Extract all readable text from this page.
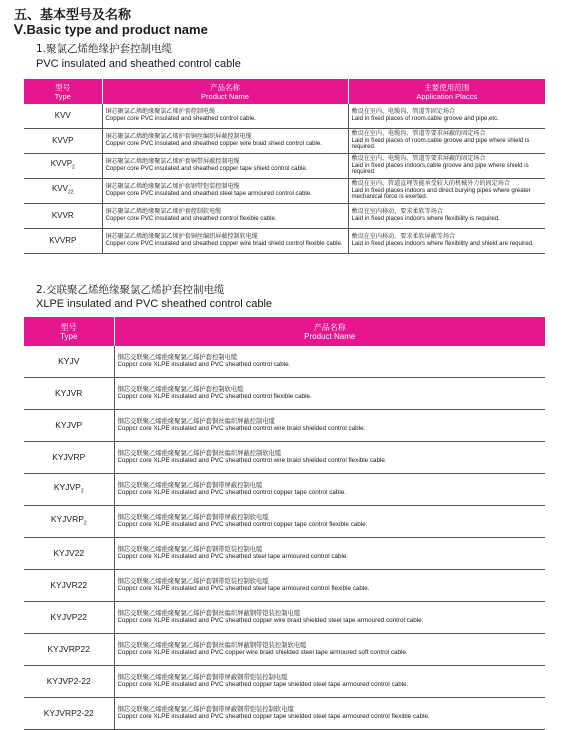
五、基本型号及名称
Ⅴ.Basic type and product name
1.聚氯乙烯绝缘护套控制电缆
PVC insulated and sheathed control cable
型号
Type	产品名称
Product Name	主要使用范围
Application Placcs

KVV	铜芯聚氯乙烯绝缘聚氯乙烯护套控制电缆
Copper core PVC insulated and sheathed control cable.	敷设在室内、电缆沟、管道等固定场合
Laid in fixed places of room.cable groove and pipe,etc.

KVVP	铜芯聚氯乙烯绝缘聚氯乙烯护套铜丝编织屏蔽控制电缆
Copper core PVC insulated and sheathed copper wire braid shieid control cable.	敷设在室内、电缆沟、管道等要求屏蔽的固定场合
Laid in fixed places of room.cable groove and pipe where shield is required.

$KVVP_2$	铜芯聚氯乙烯绝缘聚氯乙烯护套铜带屏蔽控制电缆
Copper core PVC insulated and sheathed copper tape shield control cable.	敷设在室内、电缆沟、管道等要求屏蔽的固定场合
Laid in fixed places indoors,cable groove and pipe where shield is required.

$KVV_{22}$	铜芯聚氯乙烯绝缘聚氯乙烯护套钢带铠装控制电缆
Copper core PVC insulated and sheathed steel tape armoured control cable.	敷设在室内、管道直埋等能承受较大的机械外力的固定场合
Laid in fixed places indoors and direct burying pipes where greater mechanical force is exerted.

KVVR	铜芯聚氯乙烯绝缘聚氯乙烯护套控制软电缆
Copper core PVC insulated and sheathed control flexible cable.	敷设在室内移动，要求柔软等场合
Laid in fixed places indoors where flexibility is required.

KVVRP	铜芯聚氯乙烯绝缘聚氯乙烯护套铜丝编织屏蔽控制软电缆
Copper core PVC insulated and sheathed copper wire braid shield control flexible cable.	敷设在室内移动，要求柔软屏蔽等场合
Laid in fixed places indoors where flexibility and shield are required.
2.交联聚乙烯绝缘聚氯乙烯护套控制电缆
XLPE insulated and PVC sheathed control cable
型号
Type	产品名称
Product Name

KYJV	铜芯交联聚乙烯绝缘聚氯乙烯护套控制电缆
Coppcr core XLPE insulated and PVC sheathed control cable.

KYJVR	铜芯交联聚乙烯绝缘聚氯乙烯护套控制软电缆
Coppcr core XLPE insulated and PVC sheathed control flexible cable.

KYJVP	铜芯交联聚乙烯绝缘聚氯乙烯护套铜丝编织屏蔽控制电缆
Coppcr core XLPE insulated and PVC sheathed control wire braid shielded control cable.

KYJVRP	铜芯交联聚乙烯绝缘聚氯乙烯护套铜丝编织屏蔽控制软电缆
Coppcr core XLPE insulated and PVC sheathed control wire braid shielded control flexible cable.

$KYJVP_2$	铜芯交联聚乙烯绝缘聚氯乙烯护套铜带屏蔽控制电缆
Coppcr core XLPE insulated and PVC sheathed control copper tape control cable.

$KYJVRP_2$	铜芯交联聚乙烯绝缘聚氯乙烯护套铜带屏蔽控制软电缆
Coppcr core XLPE insulated and PVC sheathed control copper tape control flexible cable.

KYJV22	铜芯交联聚乙烯绝缘聚氯乙烯护套钢带铠装控制电缆
Coppcr core XLPE insulated and PVC sheathed steel tape armoured control cable.

KYJVR22	铜芯交联聚乙烯绝缘聚氯乙烯护套钢带铠装控制软电缆
Coppcr core XLPE insulated and PVC sheathed steel tape armoured control flexible cable.

KYJVP22	铜芯交联聚乙烯绝缘聚氯乙烯护套铜丝编织屏蔽钢带铠装控制电缆
Coppcr core XLPE insulated and PVC sheathed copper wire braid shielded steel tape armoured control cable.

KYJVRP22	铜芯交联聚乙烯绝缘聚氯乙烯护套铜丝编织屏蔽钢带铠装控制软电缆
Coppcr core XLPE insulated and PVC copper wire braid shielded steel tape armoured soft control cable.

KYJVP2-22	铜芯交联聚乙烯绝缘聚氯乙烯护套铜带屏蔽钢带铠装控制电缆
Coppcr core XLPE insulated and PVC sheathed copper tape shielded steel tape armoured control cable.

KYJVRP2-22	铜芯交联聚乙烯绝缘聚氯乙烯护套铜带屏蔽钢带铠装控制软电缆
Coppcr core XLPE insulated and PVC sheathed copper tape shielded steel tape armoured control flexible cable.
